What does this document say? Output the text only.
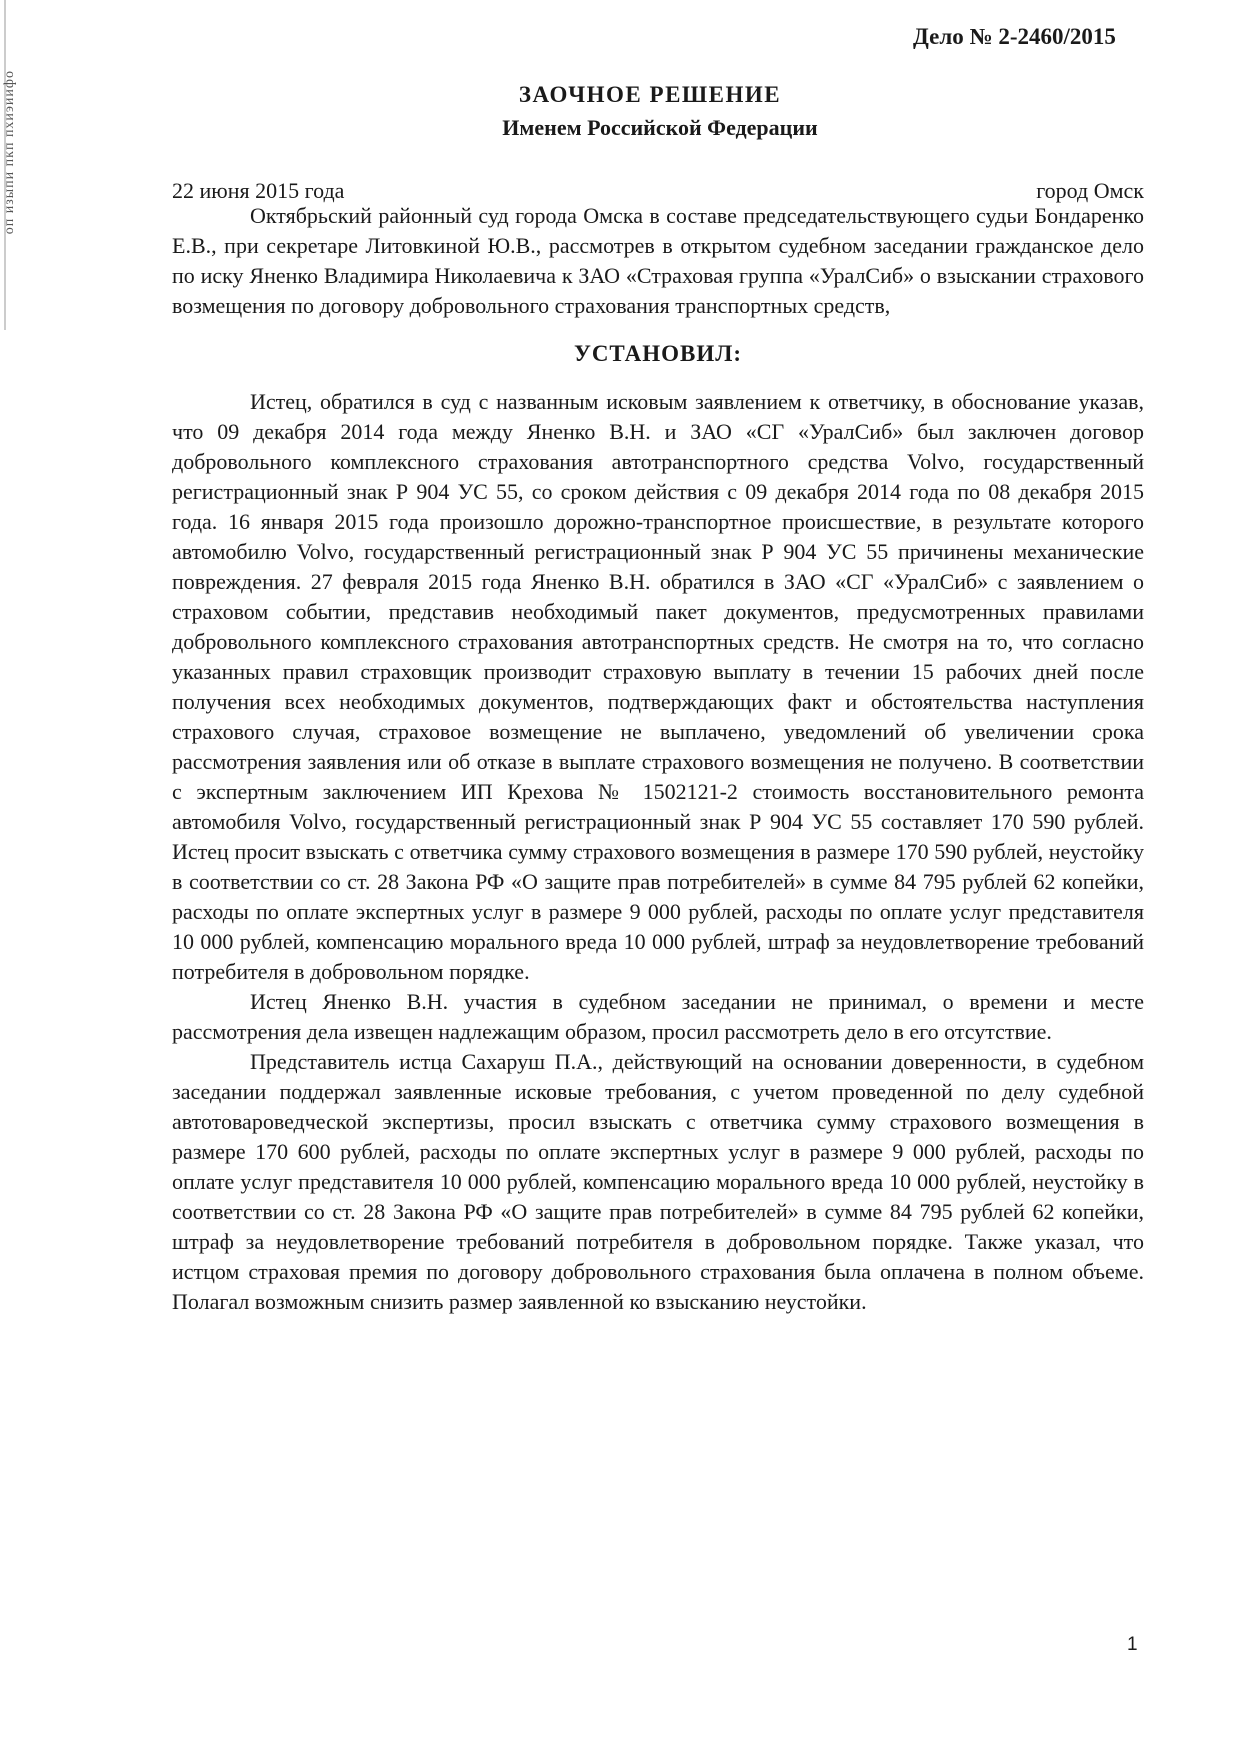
оп изыпи пкп пхиэиифо
Дело № 2-2460/2015
ЗАОЧНОЕ РЕШЕНИЕ
Именем Российской Федерации
22 июня 2015 года	город Омск

Октябрьский районный суд города Омска в составе председательствующего судьи Бондаренко Е.В., при секретаре Литовкиной Ю.В., рассмотрев в открытом судебном заседании гражданское дело по иску Яненко Владимира Николаевича к ЗАО «Страховая группа «УралСиб» о взыскании страхового возмещения по договору добровольного страхования транспортных средств,

УСТАНОВИЛ:

Истец, обратился в суд с названным исковым заявлением к ответчику, в обоснование указав, что 09 декабря 2014 года между Яненко В.Н. и ЗАО «СГ «УралСиб» был заключен договор добровольного комплексного страхования автотранспортного средства Volvo, государственный регистрационный знак Р 904 УС 55, со сроком действия с 09 декабря 2014 года по 08 декабря 2015 года. 16 января 2015 года произошло дорожно-транспортное происшествие, в результате которого автомобилю Volvo, государственный регистрационный знак Р 904 УС 55 причинены механические повреждения. 27 февраля 2015 года Яненко В.Н. обратился в ЗАО «СГ «УралСиб» с заявлением о страховом событии, представив необходимый пакет документов, предусмотренных правилами добровольного комплексного страхования автотранспортных средств. Не смотря на то, что согласно указанных правил страховщик производит страховую выплату в течении 15 рабочих дней после получения всех необходимых документов, подтверждающих факт и обстоятельства наступления страхового случая, страховое возмещение не выплачено, уведомлений об увеличении срока рассмотрения заявления или об отказе в выплате страхового возмещения не получено. В соответствии с экспертным заключением ИП Крехова № 1502121-2 стоимость восстановительного ремонта автомобиля Volvo, государственный регистрационный знак Р 904 УС 55 составляет 170 590 рублей. Истец просит взыскать с ответчика сумму страхового возмещения в размере 170 590 рублей, неустойку в соответствии со ст. 28 Закона РФ «О защите прав потребителей» в сумме 84 795 рублей 62 копейки, расходы по оплате экспертных услуг в размере 9 000 рублей, расходы по оплате услуг представителя 10 000 рублей, компенсацию морального вреда 10 000 рублей, штраф за неудовлетворение требований потребителя в добровольном порядке.

Истец Яненко В.Н. участия в судебном заседании не принимал, о времени и месте рассмотрения дела извещен надлежащим образом, просил рассмотреть дело в его отсутствие.

Представитель истца Сахаруш П.А., действующий на основании доверенности, в судебном заседании поддержал заявленные исковые требования, с учетом проведенной по делу судебной автотовароведческой экспертизы, просил взыскать с ответчика сумму страхового возмещения в размере 170 600 рублей, расходы по оплате экспертных услуг в размере 9 000 рублей, расходы по оплате услуг представителя 10 000 рублей, компенсацию морального вреда 10 000 рублей, неустойку в соответствии со ст. 28 Закона РФ «О защите прав потребителей» в сумме 84 795 рублей 62 копейки, штраф за неудовлетворение требований потребителя в добровольном порядке. Также указал, что истцом страховая премия по договору добровольного страхования была оплачена в полном объеме. Полагал возможным снизить размер заявленной ко взысканию неустойки.

1
